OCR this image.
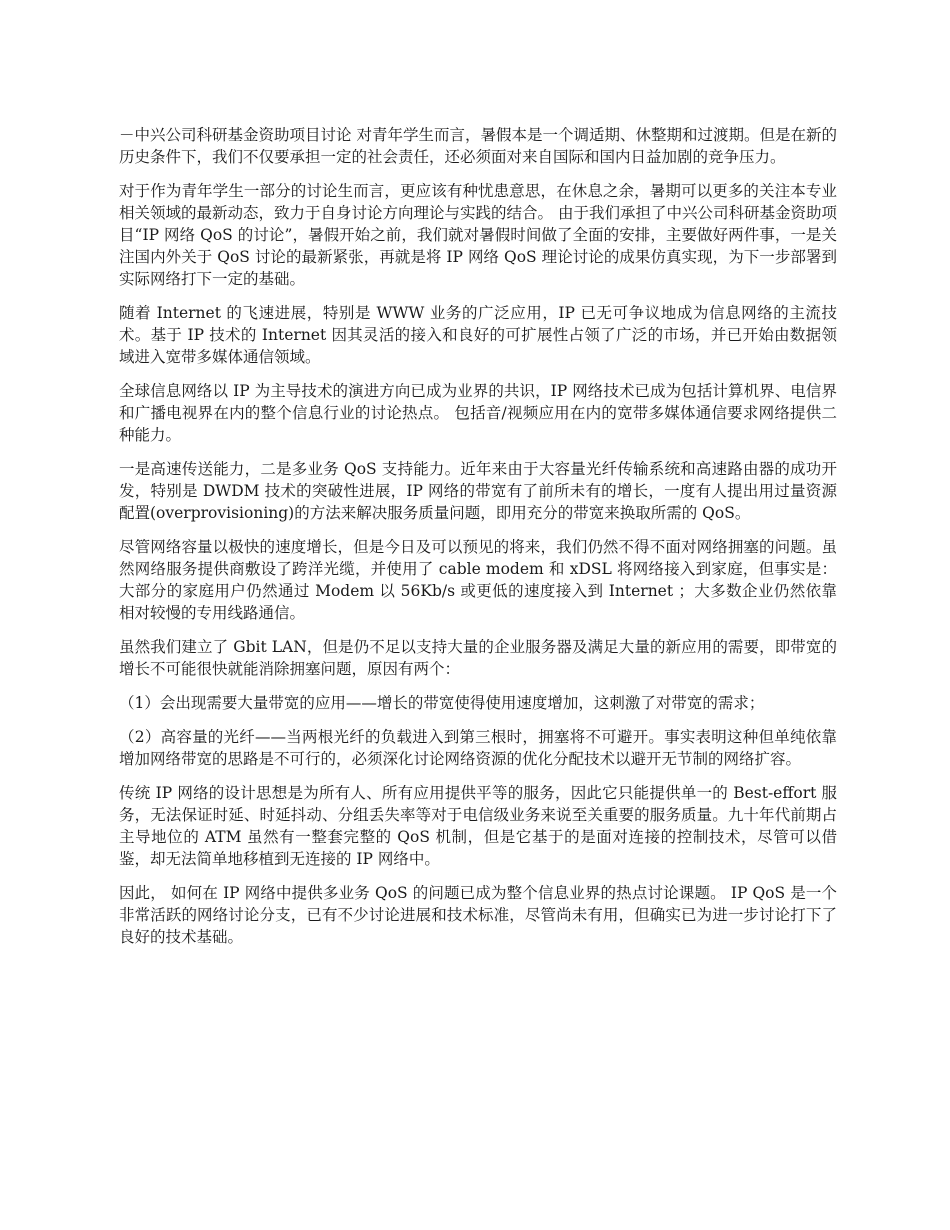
－中兴公司科研基金资助项目讨论 对青年学生而言，暑假本是一个调适期、休整期和过渡期。但是在新的历史条件下，我们不仅要承担一定的社会责任，还必须面对来自国际和国内日益加剧的竞争压力。

对于作为青年学生一部分的讨论生而言，更应该有种忧患意思，在休息之余，暑期可以更多的关注本专业相关领域的最新动态，致力于自身讨论方向理论与实践的结合。 由于我们承担了中兴公司科研基金资助项目“IP 网络 QoS 的讨论”，暑假开始之前，我们就对暑假时间做了全面的安排，主要做好两件事，一是关注国内外关于 QoS 讨论的最新紧张，再就是将 IP 网络 QoS 理论讨论的成果仿真实现，为下一步部署到实际网络打下一定的基础。

随着 Internet 的飞速进展，特别是 WWW 业务的广泛应用，IP 已无可争议地成为信息网络的主流技术。基于 IP 技术的 Internet 因其灵活的接入和良好的可扩展性占领了广泛的市场，并已开始由数据领域进入宽带多媒体通信领域。

全球信息网络以 IP 为主导技术的演进方向已成为业界的共识，IP 网络技术已成为包括计算机界、电信界和广播电视界在内的整个信息行业的讨论热点。 包括音/视频应用在内的宽带多媒体通信要求网络提供二种能力。

一是高速传送能力，二是多业务 QoS 支持能力。近年来由于大容量光纤传输系统和高速路由器的成功开发，特别是 DWDM 技术的突破性进展，IP 网络的带宽有了前所未有的增长，一度有人提出用过量资源配置(overprovisioning)的方法来解决服务质量问题，即用充分的带宽来换取所需的 QoS。

尽管网络容量以极快的速度增长，但是今日及可以预见的将来，我们仍然不得不面对网络拥塞的问题。虽然网络服务提供商敷设了跨洋光缆，并使用了 cable modem 和 xDSL 将网络接入到家庭，但事实是：大部分的家庭用户仍然通过 Modem 以 56Kb/s 或更低的速度接入到 Internet ；大多数企业仍然依靠相对较慢的专用线路通信。

虽然我们建立了 Gbit LAN，但是仍不足以支持大量的企业服务器及满足大量的新应用的需要，即带宽的增长不可能很快就能消除拥塞问题，原因有两个：

（1）会出现需要大量带宽的应用——增长的带宽使得使用速度增加，这刺激了对带宽的需求；

（2）高容量的光纤——当两根光纤的负载进入到第三根时，拥塞将不可避开。事实表明这种但单纯依靠增加网络带宽的思路是不可行的，必须深化讨论网络资源的优化分配技术以避开无节制的网络扩容。

传统 IP 网络的设计思想是为所有人、所有应用提供平等的服务，因此它只能提供单一的 Best-effort 服务，无法保证时延、时延抖动、分组丢失率等对于电信级业务来说至关重要的服务质量。九十年代前期占主导地位的 ATM 虽然有一整套完整的 QoS 机制，但是它基于的是面对连接的控制技术，尽管可以借鉴，却无法简单地移植到无连接的 IP 网络中。

因此， 如何在 IP 网络中提供多业务 QoS 的问题已成为整个信息业界的热点讨论课题。 IP QoS 是一个非常活跃的网络讨论分支，已有不少讨论进展和技术标准，尽管尚未有用，但确实已为进一步讨论打下了良好的技术基础。
